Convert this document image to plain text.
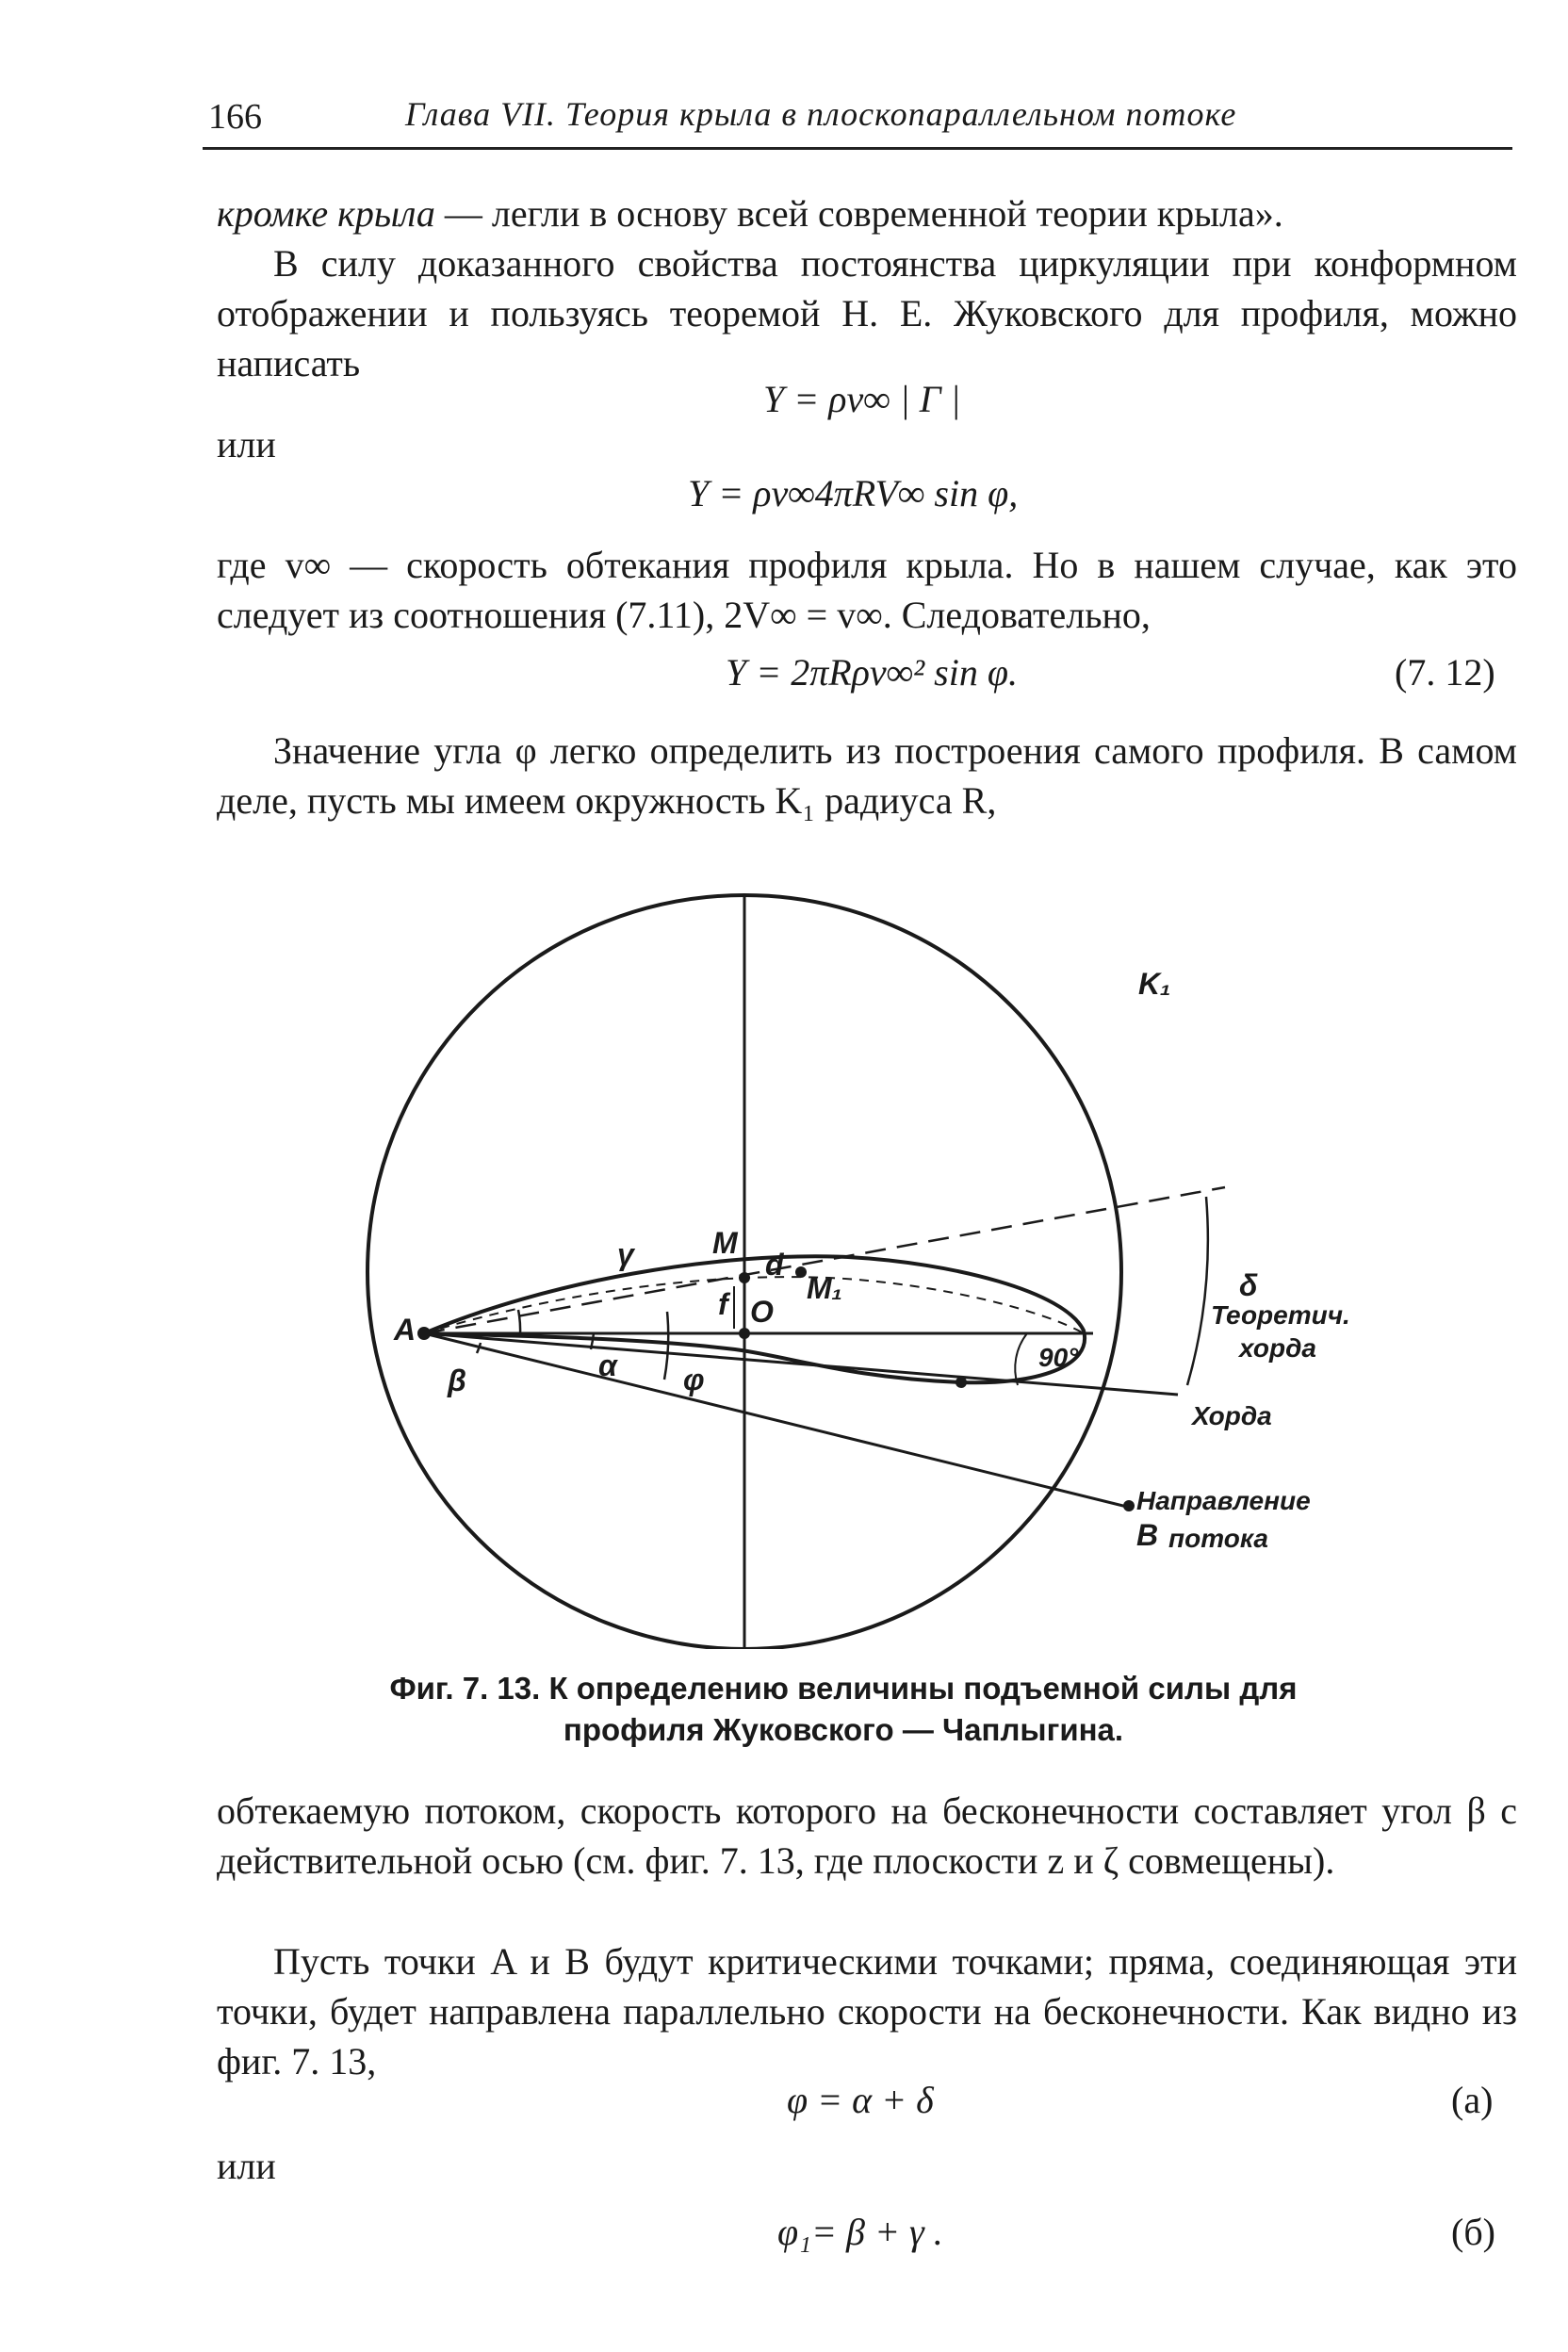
166	Глава VII. Теория крыла в плоскопараллельном потоке
кромке крыла — легли в основу всей современной теории крыла».
В силу доказанного свойства постоянства циркуляции при конформном отображении и пользуясь теоремой Н. Е. Жуковского для профиля, можно написать
Y = ρv∞ | Γ |
или
Y = ρv∞4πRV∞ sin φ,
где v∞ — скорость обтекания профиля крыла. Но в нашем случае, как это следует из соотношения (7.11), 2V∞ = v∞. Следовательно,
Y = 2πRρv∞² sin φ.	(7. 12)
Значение угла φ легко определить из построения самого профиля. В самом деле, пусть мы имеем окружность K₁ радиуса R,
K₁
A
B
M
M₁
d
f O
γ
β	α φ
δ
90°
Теоретич.
хорда
Хорда
Направление
потока
Фиг. 7. 13. К определению величины подъемной силы для
профиля Жуковского — Чаплыгина.
обтекаемую потоком, скорость которого на бесконечности составляет угол β с действительной осью (см. фиг. 7. 13, где плоскости z и ζ совмещены).
Пусть точки A и B будут критическими точками; пряма, соединяющая эти точки, будет направлена параллельно скорости на бесконечности. Как видно из фиг. 7. 13,
φ = α + δ	(а)
или
φ₁= β + γ .	(б)
